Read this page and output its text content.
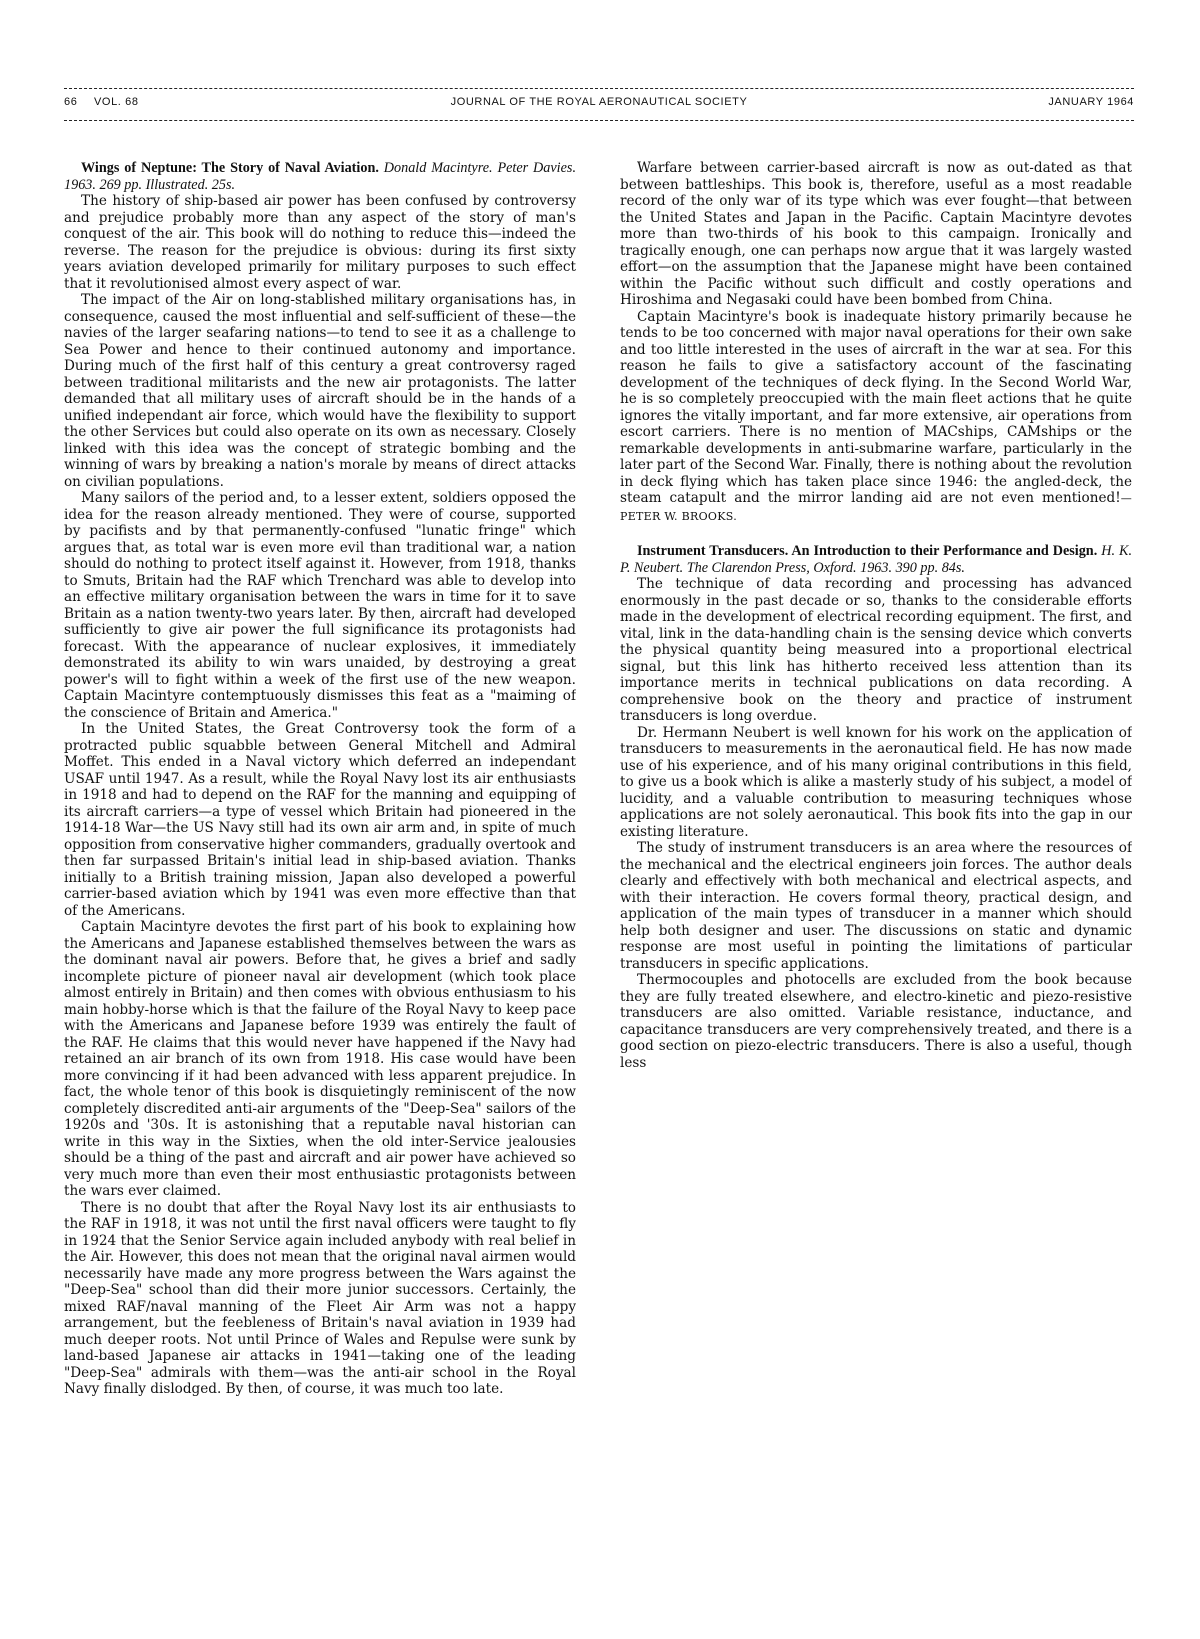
JOURNAL OF THE ROYAL AERONAUTICAL SOCIETY
66 VOL. 68	JANUARY 1964

Wings of Neptune: The Story of Naval Aviation. Donald Macintyre. Peter Davies. 1963. 269 pp. Illustrated. 25s.

The history of ship-based air power has been confused by controversy and prejudice probably more than any aspect of the story of man's conquest of the air. This book will do nothing to reduce this—indeed the reverse. The reason for the prejudice is obvious: during its first sixty years aviation developed primarily for military purposes to such effect that it revolutionised almost every aspect of war.

The impact of the Air on long-stablished military organisations has, in consequence, caused the most influential and self-sufficient of these—the navies of the larger seafaring nations—to tend to see it as a challenge to Sea Power and hence to their continued autonomy and importance. During much of the first half of this century a great controversy raged between traditional militarists and the new air protagonists. The latter demanded that all military uses of aircraft should be in the hands of a unified independant air force, which would have the flexibility to support the other Services but could also operate on its own as necessary. Closely linked with this idea was the concept of strategic bombing and the winning of wars by breaking a nation's morale by means of direct attacks on civilian populations.

Many sailors of the period and, to a lesser extent, soldiers opposed the idea for the reason already mentioned. They were of course, supported by pacifists and by that permanently-confused "lunatic fringe" which argues that, as total war is even more evil than traditional war, a nation should do nothing to protect itself against it. However, from 1918, thanks to Smuts, Britain had the RAF which Trenchard was able to develop into an effective military organisation between the wars in time for it to save Britain as a nation twenty-two years later. By then, aircraft had developed sufficiently to give air power the full significance its protagonists had forecast. With the appearance of nuclear explosives, it immediately demonstrated its ability to win wars unaided, by destroying a great power's will to fight within a week of the first use of the new weapon. Captain Macintyre contemptuously dismisses this feat as a "maiming of the conscience of Britain and America."

In the United States, the Great Controversy took the form of a protracted public squabble between General Mitchell and Admiral Moffet. This ended in a Naval victory which deferred an independant USAF until 1947. As a result, while the Royal Navy lost its air enthusiasts in 1918 and had to depend on the RAF for the manning and equipping of its aircraft carriers—a type of vessel which Britain had pioneered in the 1914-18 War—the US Navy still had its own air arm and, in spite of much opposition from conservative higher commanders, gradually overtook and then far surpassed Britain's initial lead in ship-based aviation. Thanks initially to a British training mission, Japan also developed a powerful carrier-based aviation which by 1941 was even more effective than that of the Americans.

Captain Macintyre devotes the first part of his book to explaining how the Americans and Japanese established themselves between the wars as the dominant naval air powers. Before that, he gives a brief and sadly incomplete picture of pioneer naval air development (which took place almost entirely in Britain) and then comes with obvious enthusiasm to his main hobby-horse which is that the failure of the Royal Navy to keep pace with the Americans and Japanese before 1939 was entirely the fault of the RAF. He claims that this would never have happened if the Navy had retained an air branch of its own from 1918. His case would have been more convincing if it had been advanced with less apparent prejudice. In fact, the whole tenor of this book is disquietingly reminiscent of the now completely discredited anti-air arguments of the "Deep-Sea" sailors of the 1920s and '30s. It is astonishing that a reputable naval historian can write in this way in the Sixties, when the old inter-Service jealousies should be a thing of the past and aircraft and air power have achieved so very much more than even their most enthusiastic protagonists between the wars ever claimed.

There is no doubt that after the Royal Navy lost its air enthusiasts to the RAF in 1918, it was not until the first naval officers were taught to fly in 1924 that the Senior Service again included anybody with real belief in the Air. However, this does not mean that the original naval airmen would necessarily have made any more progress between the Wars against the "Deep-Sea" school than did their more junior successors. Certainly, the mixed RAF/naval manning of the Fleet Air Arm was not a happy arrangement, but the feebleness of Britain's naval aviation in 1939 had much deeper roots. Not until Prince of Wales and Repulse were sunk by land-based Japanese air attacks in 1941—taking one of the leading "Deep-Sea" admirals with them—was the anti-air school in the Royal Navy finally dislodged. By then, of course, it was much too late.

Warfare between carrier-based aircraft is now as out-dated as that between battleships. This book is, therefore, useful as a most readable record of the only war of its type which was ever fought—that between the United States and Japan in the Pacific. Captain Macintyre devotes more than two-thirds of his book to this campaign. Ironically and tragically enough, one can perhaps now argue that it was largely wasted effort—on the assumption that the Japanese might have been contained within the Pacific without such difficult and costly operations and Hiroshima and Negasaki could have been bombed from China.

Captain Macintyre's book is inadequate history primarily because he tends to be too concerned with major naval operations for their own sake and too little interested in the uses of aircraft in the war at sea. For this reason he fails to give a satisfactory account of the fascinating development of the techniques of deck flying. In the Second World War, he is so completely preoccupied with the main fleet actions that he quite ignores the vitally important, and far more extensive, air operations from escort carriers. There is no mention of MACships, CAMships or the remarkable developments in anti-submarine warfare, particularly in the later part of the Second War. Finally, there is nothing about the revolution in deck flying which has taken place since 1946: the angled-deck, the steam catapult and the mirror landing aid are not even mentioned!—PETER W. BROOKS.

Instrument Transducers. An Introduction to their Performance and Design. H. K. P. Neubert. The Clarendon Press, Oxford. 1963. 390 pp. 84s.

The technique of data recording and processing has advanced enormously in the past decade or so, thanks to the considerable efforts made in the development of electrical recording equipment. The first, and vital, link in the data-handling chain is the sensing device which converts the physical quantity being measured into a proportional electrical signal, but this link has hitherto received less attention than its importance merits in technical publications on data recording. A comprehensive book on the theory and practice of instrument transducers is long overdue.

Dr. Hermann Neubert is well known for his work on the application of transducers to measurements in the aeronautical field. He has now made use of his experience, and of his many original contributions in this field, to give us a book which is alike a masterly study of his subject, a model of lucidity, and a valuable contribution to measuring techniques whose applications are not solely aeronautical. This book fits into the gap in our existing literature.

The study of instrument transducers is an area where the resources of the mechanical and the electrical engineers join forces. The author deals clearly and effectively with both mechanical and electrical aspects, and with their interaction. He covers formal theory, practical design, and application of the main types of transducer in a manner which should help both designer and user. The discussions on static and dynamic response are most useful in pointing the limitations of particular transducers in specific applications.

Thermocouples and photocells are excluded from the book because they are fully treated elsewhere, and electro-kinetic and piezo-resistive transducers are also omitted. Variable resistance, inductance, and capacitance transducers are very comprehensively treated, and there is a good section on piezo-electric transducers. There is also a useful, though less
